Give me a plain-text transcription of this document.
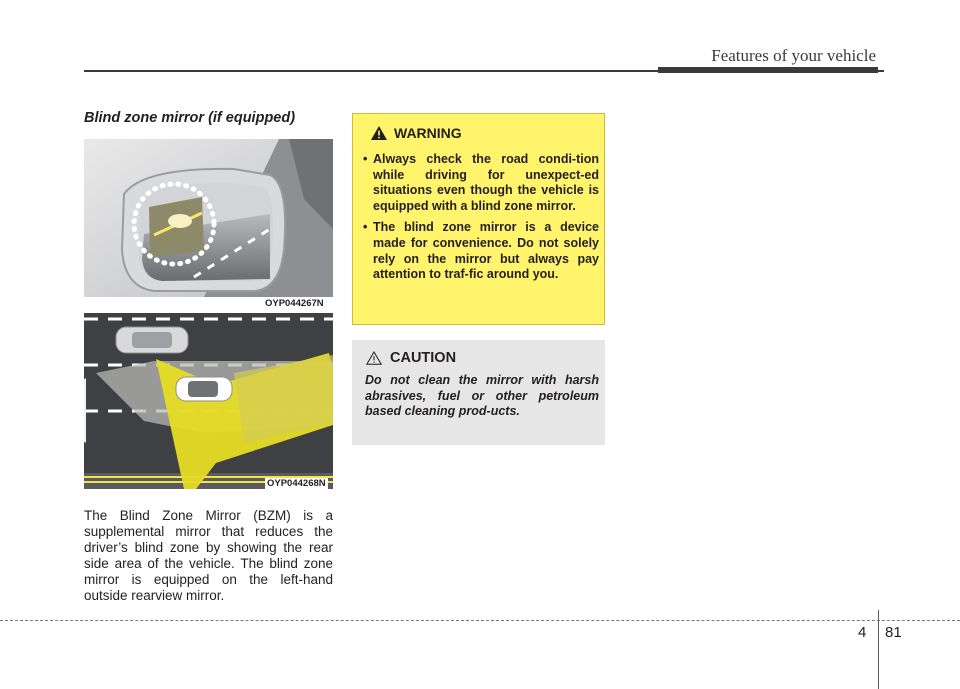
Features of your vehicle
Blind zone mirror (if equipped)
OYP044267N
OYP044268N

The Blind Zone Mirror (BZM) is a supplemental mirror that reduces the driver’s blind zone by showing the rear side area of the vehicle. The blind zone mirror is equipped on the left-hand outside rearview mirror.

WARNING
• Always check the road condi-tion while driving for unexpect-ed situations even though the vehicle is equipped with a blind zone mirror.
• The blind zone mirror is a device made for convenience. Do not solely rely on the mirror but always pay attention to traf-fic around you.
CAUTION

Do not clean the mirror with harsh abrasives, fuel or other petroleum based cleaning prod-ucts.

4 81
